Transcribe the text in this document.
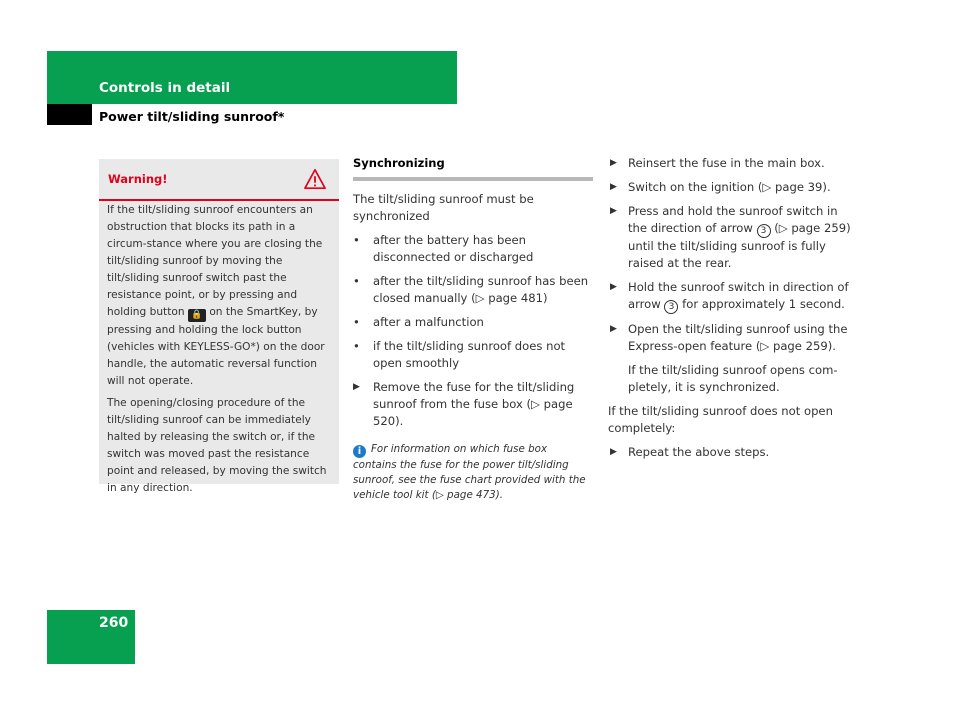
Controls in detail
Power tilt/sliding sunroof*
Warning!

If the tilt/sliding sunroof encounters an obstruction that blocks its path in a circum-stance where you are closing the tilt/sliding sunroof by moving the tilt/sliding sunroof switch past the resistance point, or by pressing and holding button 🔒 on the SmartKey, by pressing and holding the lock button (vehicles with KEYLESS-GO*) on the door handle, the automatic reversal function will not operate.

The opening/closing procedure of the tilt/sliding sunroof can be immediately halted by releasing the switch or, if the switch was moved past the resistance point and released, by moving the switch in any direction.

Synchronizing
The tilt/sliding sunroof must be synchronized
• after the battery has been disconnected or discharged
• after the tilt/sliding sunroof has been closed manually (▷ page 481)
• after a malfunction
• if the tilt/sliding sunroof does not open smoothly
▶ Remove the fuse for the tilt/sliding sunroof from the fuse box (▷ page 520).
i For information on which fuse box contains the fuse for the power tilt/sliding sunroof, see the fuse chart provided with the vehicle tool kit (▷ page 473).
▶ Reinsert the fuse in the main box.
▶ Switch on the ignition (▷ page 39).
▶ Press and hold the sunroof switch in the direction of arrow 3 (▷ page 259) until the tilt/sliding sunroof is fully raised at the rear.
▶ Hold the sunroof switch in direction of arrow 3 for approximately 1 second.
▶ Open the tilt/sliding sunroof using the Express-open feature (▷ page 259).
If the tilt/sliding sunroof opens com-pletely, it is synchronized.
If the tilt/sliding sunroof does not open completely:
▶ Repeat the above steps.
260
